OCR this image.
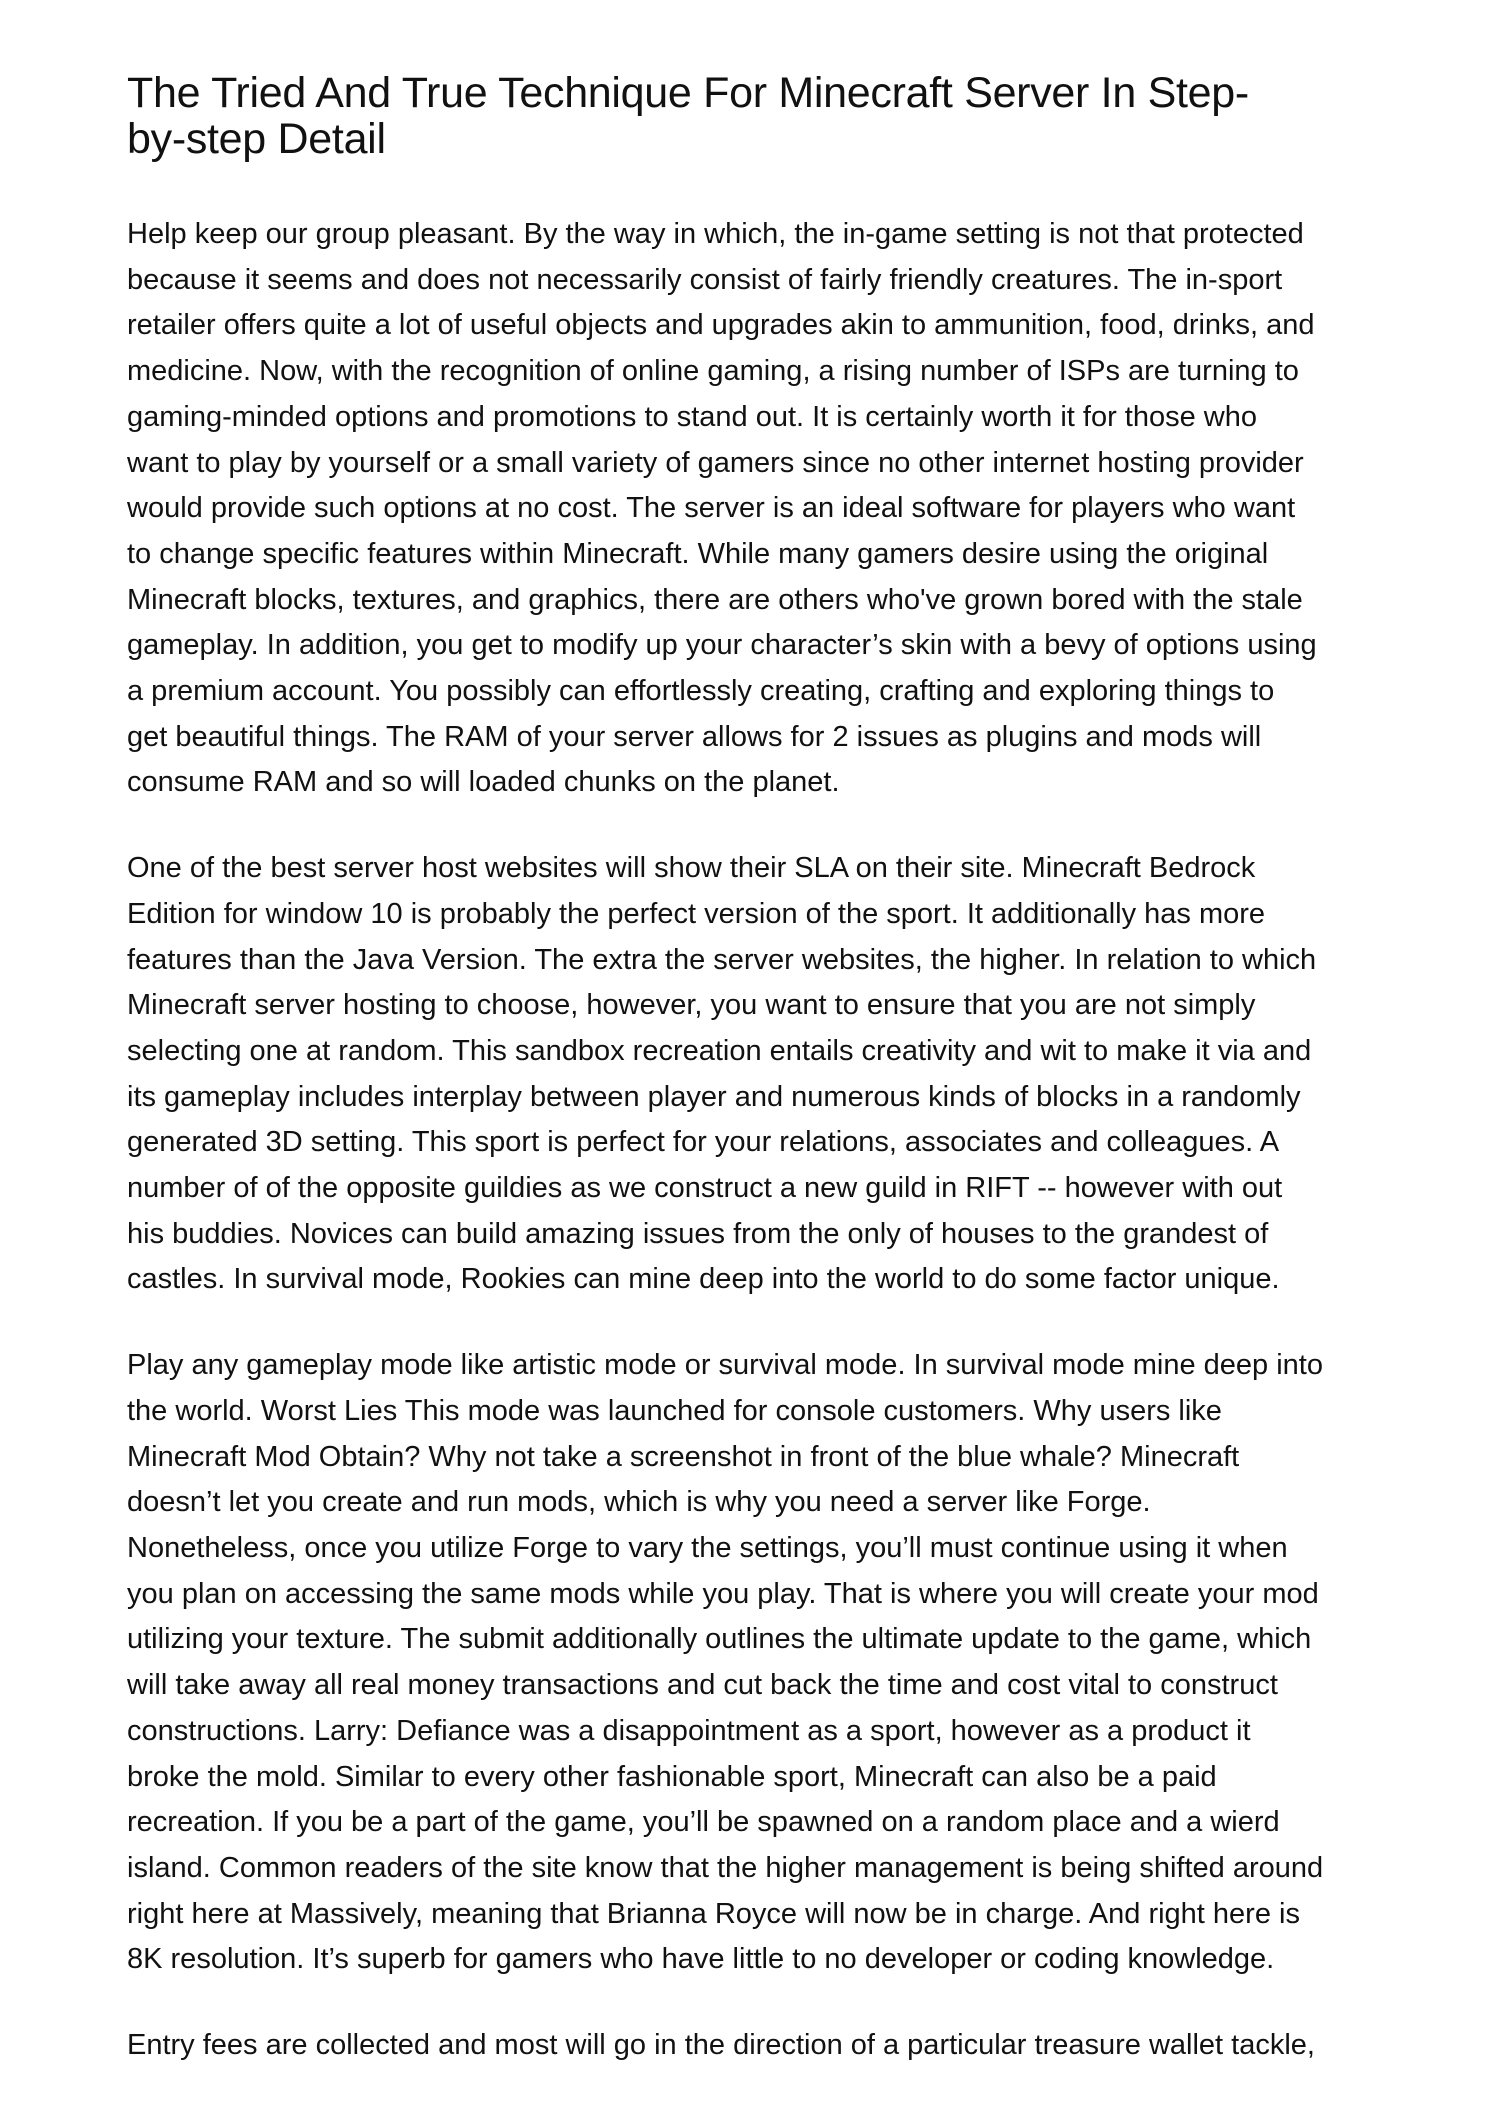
The Tried And True Technique For Minecraft Server In Step-
by-step Detail

Help keep our group pleasant. By the way in which, the in-game setting is not that protected
because it seems and does not necessarily consist of fairly friendly creatures. The in-sport
retailer offers quite a lot of useful objects and upgrades akin to ammunition, food, drinks, and
medicine. Now, with the recognition of online gaming, a rising number of ISPs are turning to
gaming-minded options and promotions to stand out. It is certainly worth it for those who
want to play by yourself or a small variety of gamers since no other internet hosting provider
would provide such options at no cost. The server is an ideal software for players who want
to change specific features within Minecraft. While many gamers desire using the original
Minecraft blocks, textures, and graphics, there are others who've grown bored with the stale
gameplay. In addition, you get to modify up your character’s skin with a bevy of options using
a premium account. You possibly can effortlessly creating, crafting and exploring things to
get beautiful things. The RAM of your server allows for 2 issues as plugins and mods will
consume RAM and so will loaded chunks on the planet.

One of the best server host websites will show their SLA on their site. Minecraft Bedrock
Edition for window 10 is probably the perfect version of the sport. It additionally has more
features than the Java Version. The extra the server websites, the higher. In relation to which
Minecraft server hosting to choose, however, you want to ensure that you are not simply
selecting one at random. This sandbox recreation entails creativity and wit to make it via and
its gameplay includes interplay between player and numerous kinds of blocks in a randomly
generated 3D setting. This sport is perfect for your relations, associates and colleagues. A
number of of the opposite guildies as we construct a new guild in RIFT -- however with out
his buddies. Novices can build amazing issues from the only of houses to the grandest of
castles. In survival mode, Rookies can mine deep into the world to do some factor unique.

Play any gameplay mode like artistic mode or survival mode. In survival mode mine deep into
the world. Worst Lies This mode was launched for console customers. Why users like
Minecraft Mod Obtain? Why not take a screenshot in front of the blue whale? Minecraft
doesn’t let you create and run mods, which is why you need a server like Forge.
Nonetheless, once you utilize Forge to vary the settings, you’ll must continue using it when
you plan on accessing the same mods while you play. That is where you will create your mod
utilizing your texture. The submit additionally outlines the ultimate update to the game, which
will take away all real money transactions and cut back the time and cost vital to construct
constructions. Larry: Defiance was a disappointment as a sport, however as a product it
broke the mold. Similar to every other fashionable sport, Minecraft can also be a paid
recreation. If you be a part of the game, you’ll be spawned on a random place and a wierd
island. Common readers of the site know that the higher management is being shifted around
right here at Massively, meaning that Brianna Royce will now be in charge. And right here is
8K resolution. It’s superb for gamers who have little to no developer or coding knowledge.

Entry fees are collected and most will go in the direction of a particular treasure wallet tackle,
